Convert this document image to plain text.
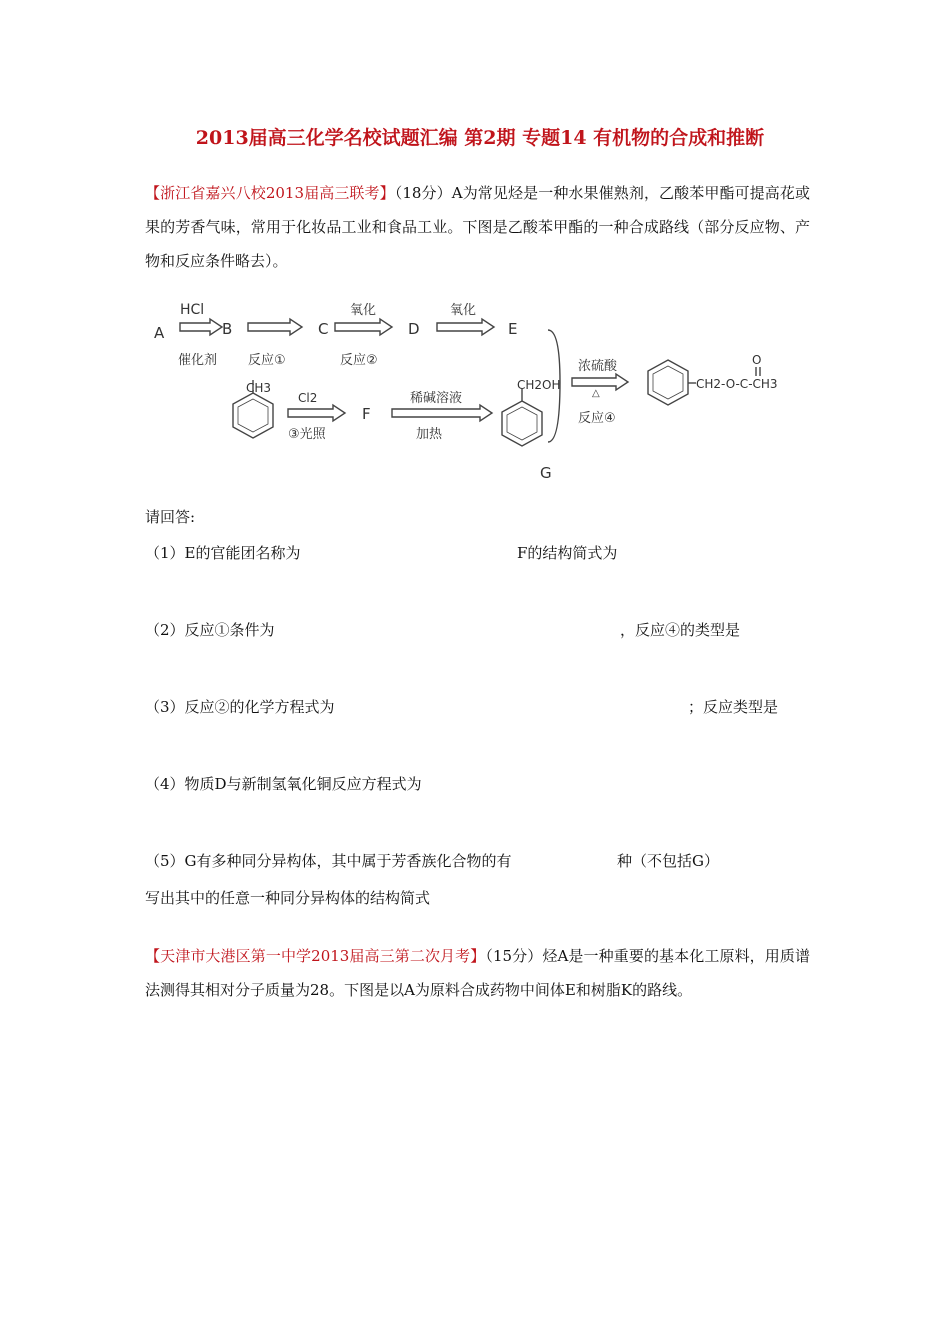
2013届高三化学名校试题汇编 第2期 专题14 有机物的合成和推断

【浙江省嘉兴八校2013届高三联考】（18分）A为常见烃是一种水果催熟剂，乙酸苯甲酯可提高花或果的芳香气味，常用于化妆品工业和食品工业。下图是乙酸苯甲酯的一种合成路线（部分反应物、产物和反应条件略去）。

A
HCl
催化剂
B
反应①
C
氧化
反应②
D
氧化
E
CH3
Cl2
③光照
F
稀碱溶液
加热
CH2OH
G
浓硫酸
△
反应④
O
CH2-O-C-CH3

请回答:

（1）E的官能团名称为	F的结构简式为

（2）反应①条件为	，反应④的类型是

（3）反应②的化学方程式为	；反应类型是

（4）物质D与新制氢氧化铜反应方程式为

（5）G有多种同分异构体，其中属于芳香族化合物的有	种（不包括G）

写出其中的任意一种同分异构体的结构简式

【天津市大港区第一中学2013届高三第二次月考】（15分）烃A是一种重要的基本化工原料，用质谱法测得其相对分子质量为28。下图是以A为原料合成药物中间体E和树脂K的路线。
